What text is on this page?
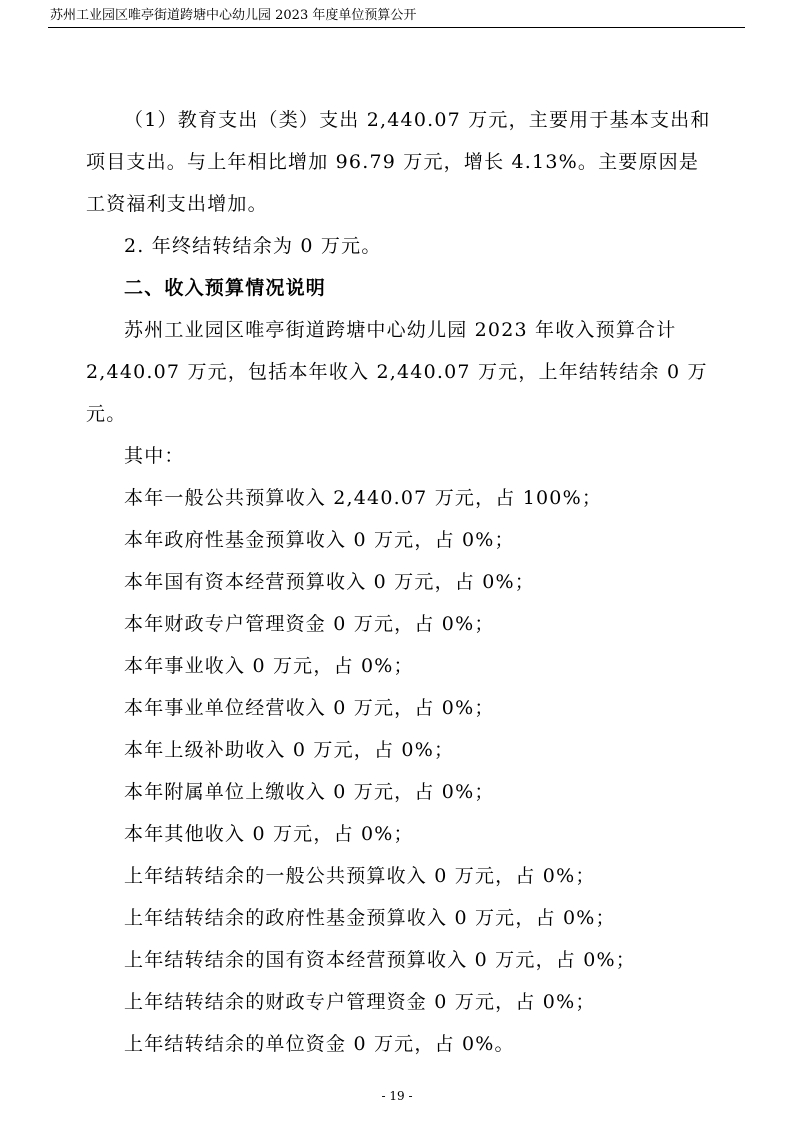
苏州工业园区唯亭街道跨塘中心幼儿园 2023 年度单位预算公开

（1）教育支出（类）支出 2,440.07 万元，主要用于基本支出和项目支出。与上年相比增加 96.79 万元，增长 4.13%。主要原因是工资福利支出增加。

2. 年终结转结余为 0 万元。

二、收入预算情况说明

苏州工业园区唯亭街道跨塘中心幼儿园 2023 年收入预算合计 2,440.07 万元，包括本年收入 2,440.07 万元，上年结转结余 0 万元。

其中：

本年一般公共预算收入 2,440.07 万元，占 100%；

本年政府性基金预算收入 0 万元，占 0%；

本年国有资本经营预算收入 0 万元，占 0%；

本年财政专户管理资金 0 万元，占 0%；

本年事业收入 0 万元，占 0%；

本年事业单位经营收入 0 万元，占 0%；

本年上级补助收入 0 万元，占 0%；

本年附属单位上缴收入 0 万元，占 0%；

本年其他收入 0 万元，占 0%；

上年结转结余的一般公共预算收入 0 万元，占 0%；

上年结转结余的政府性基金预算收入 0 万元，占 0%；

上年结转结余的国有资本经营预算收入 0 万元，占 0%；

上年结转结余的财政专户管理资金 0 万元，占 0%；

上年结转结余的单位资金 0 万元，占 0%。

- 19 -
